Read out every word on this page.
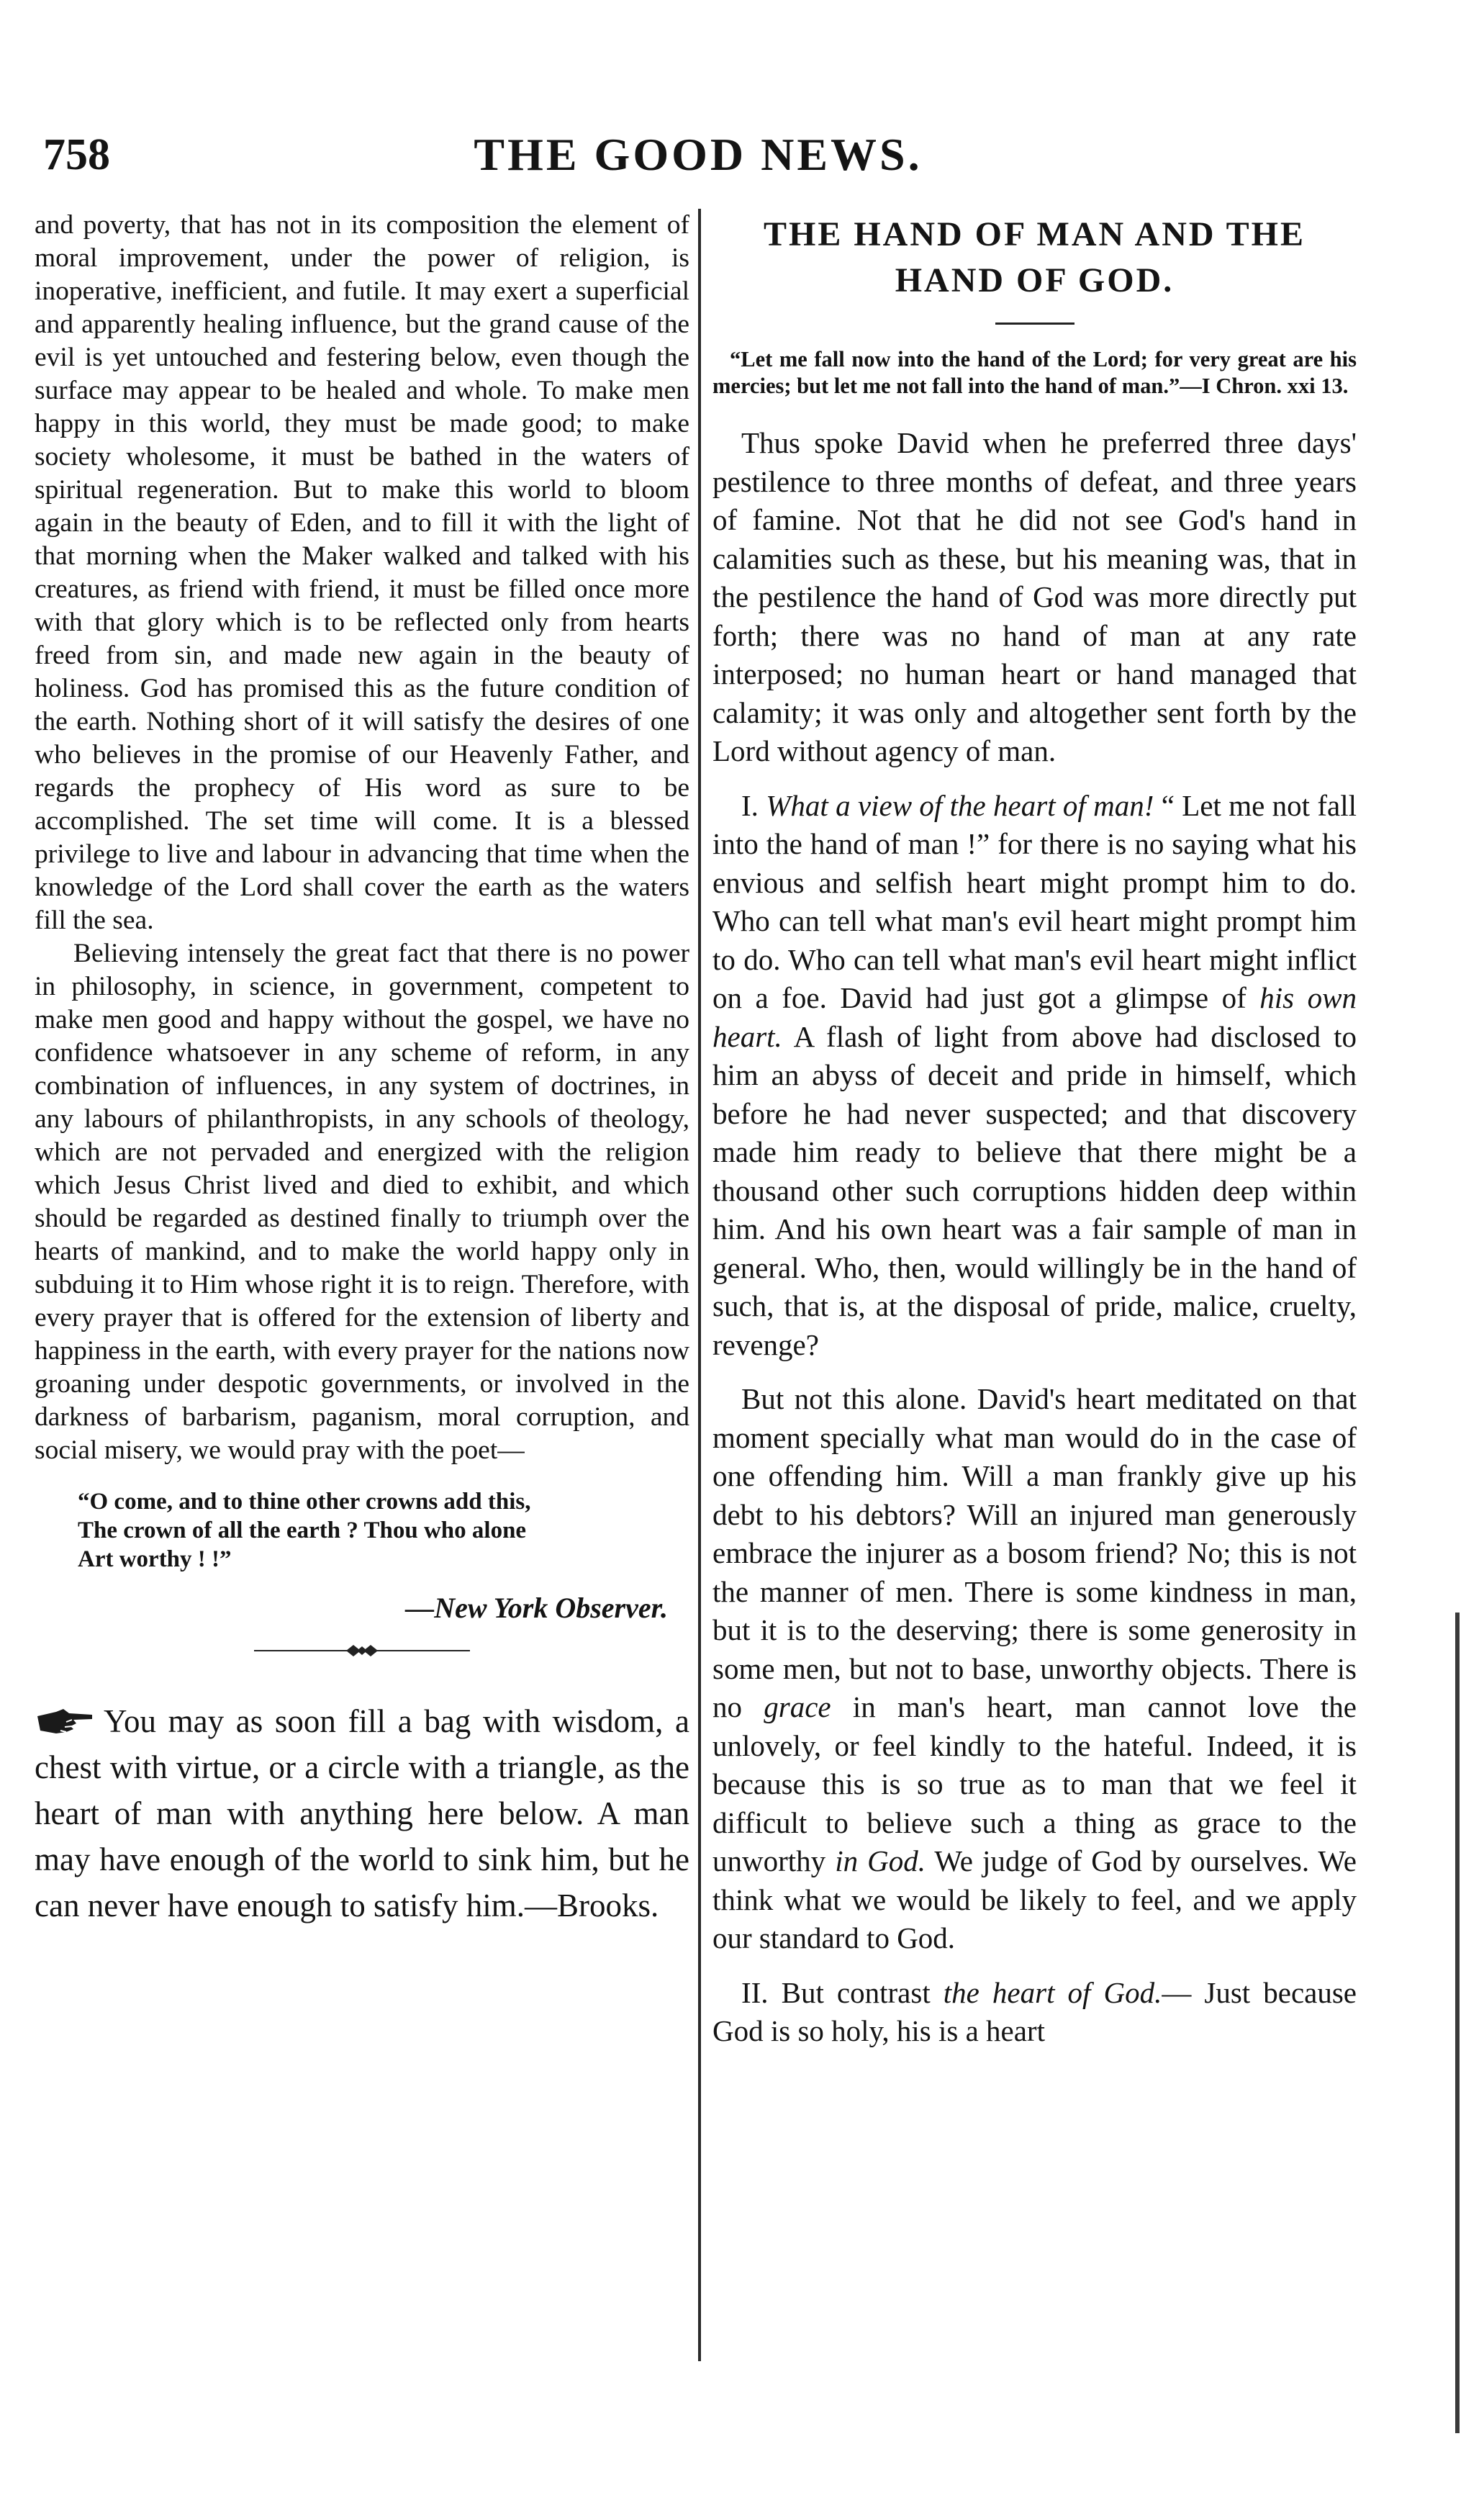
758	THE GOOD NEWS.

and poverty, that has not in its composition the element of moral improvement, under the power of religion, is inoperative, inefficient, and futile. It may exert a superficial and apparently healing influence, but the grand cause of the evil is yet untouched and festering below, even though the surface may appear to be healed and whole. To make men happy in this world, they must be made good; to make society wholesome, it must be bathed in the waters of spiritual regeneration. But to make this world to bloom again in the beauty of Eden, and to fill it with the light of that morning when the Maker walked and talked with his creatures, as friend with friend, it must be filled once more with that glory which is to be reflected only from hearts freed from sin, and made new again in the beauty of holiness. God has promised this as the future condition of the earth. Nothing short of it will satisfy the desires of one who believes in the promise of our Heavenly Father, and regards the prophecy of His word as sure to be accomplished. The set time will come. It is a blessed privilege to live and labour in advancing that time when the knowledge of the Lord shall cover the earth as the waters fill the sea.

Believing intensely the great fact that there is no power in philosophy, in science, in government, competent to make men good and happy without the gospel, we have no confidence whatsoever in any scheme of reform, in any combination of influences, in any system of doctrines, in any labours of philanthropists, in any schools of theology, which are not pervaded and energized with the religion which Jesus Christ lived and died to exhibit, and which should be regarded as destined finally to triumph over the hearts of mankind, and to make the world happy only in subduing it to Him whose right it is to reign. Therefore, with every prayer that is offered for the extension of liberty and happiness in the earth, with every prayer for the nations now groaning under despotic governments, or involved in the darkness of barbarism, paganism, moral corruption, and social misery, we would pray with the poet—

“O come, and to thine other crowns add this,
The crown of all the earth ? Thou who alone
Art worthy ! !”
—New York Observer.
You may as soon fill a bag with wisdom, a chest with virtue, or a circle with a triangle, as the heart of man with anything here below. A man may have enough of the world to sink him, but he can never have enough to satisfy him.—Brooks.
THE HAND OF MAN AND THE
HAND OF GOD.

“Let me fall now into the hand of the Lord; for very great are his mercies; but let me not fall into the hand of man.”—I Chron. xxi 13.

Thus spoke David when he preferred three days' pestilence to three months of defeat, and three years of famine. Not that he did not see God's hand in calamities such as these, but his meaning was, that in the pestilence the hand of God was more directly put forth; there was no hand of man at any rate interposed; no human heart or hand managed that calamity; it was only and altogether sent forth by the Lord without agency of man.

I. What a view of the heart of man! “ Let me not fall into the hand of man !” for there is no saying what his envious and selfish heart might prompt him to do. Who can tell what man's evil heart might prompt him to do. Who can tell what man's evil heart might inflict on a foe. David had just got a glimpse of his own heart. A flash of light from above had disclosed to him an abyss of deceit and pride in himself, which before he had never suspected; and that discovery made him ready to believe that there might be a thousand other such corruptions hidden deep within him. And his own heart was a fair sample of man in general. Who, then, would willingly be in the hand of such, that is, at the disposal of pride, malice, cruelty, revenge?

But not this alone. David's heart meditated on that moment specially what man would do in the case of one offending him. Will a man frankly give up his debt to his debtors? Will an injured man generously embrace the injurer as a bosom friend? No; this is not the manner of men. There is some kindness in man, but it is to the deserving; there is some generosity in some men, but not to base, unworthy objects. There is no grace in man's heart, man cannot love the unlovely, or feel kindly to the hateful. Indeed, it is because this is so true as to man that we feel it difficult to believe such a thing as grace to the unworthy in God. We judge of God by ourselves. We think what we would be likely to feel, and we apply our standard to God.

II. But contrast the heart of God.— Just because God is so holy, his is a heart
